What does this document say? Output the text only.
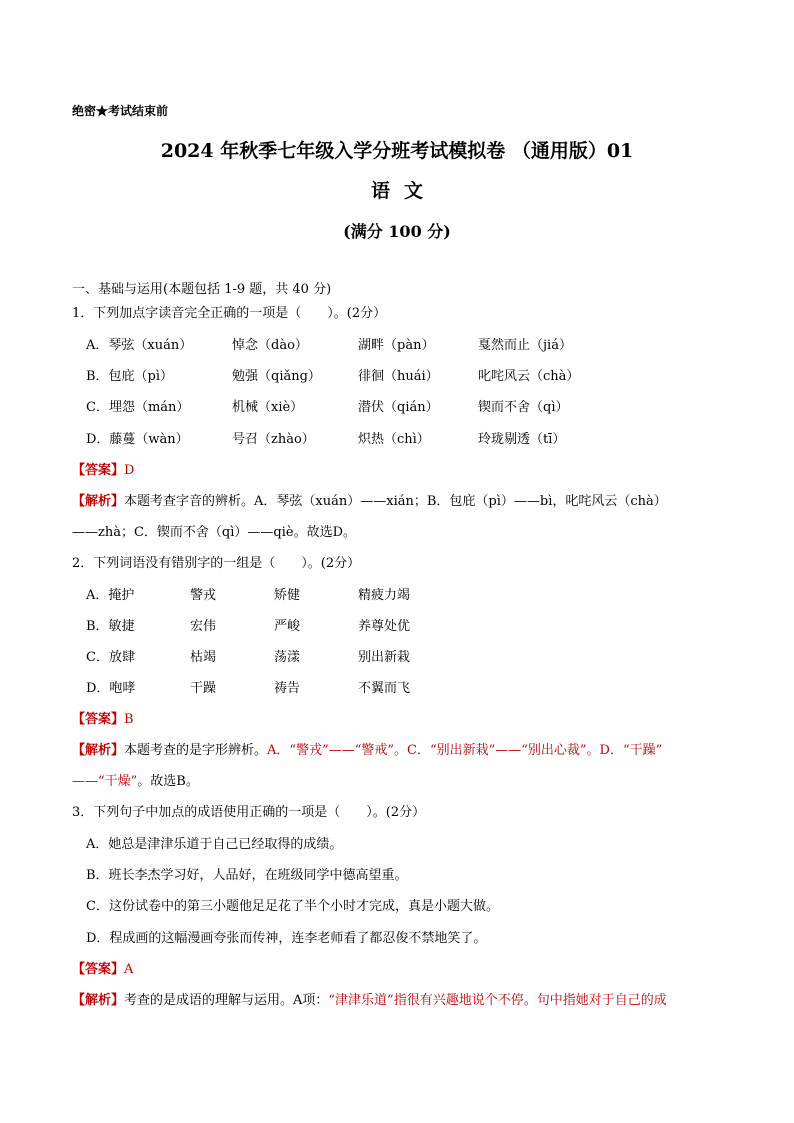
绝密★考试结束前
2024 年秋季七年级入学分班考试模拟卷 （通用版）01
语文
(满分 100 分)
一、基础与运用(本题包括 1-9 题，共 40 分)
1．下列加点字读音完全正确的一项是（　　）。(2分）
A．琴弦（xuán）	悼念（dào）	湖畔（pàn）	戛然而止（jiá）
B．包庇（pì）	勉强（qiǎng）	徘徊（huái）	叱咤风云（chà）
C．埋怨（mán）	机械（xiè）	潜伏（qián）	锲而不舍（qì）
D．藤蔓（wàn）	号召（zhào）	炽热（chì）	玲珑剔透（tī）
【答案】D
【解析】本题考查字音的辨析。A．琴弦（xuán）——xián；B．包庇（pì）——bì，叱咤风云（chà）
——zhà；C．锲而不舍（qì）——qiè。故选D。
2．下列词语没有错别字的一组是（　　）。(2分）
A．掩护	警戎	矫健	精疲力竭
B．敏捷	宏伟	严峻	养尊处优
C．放肆	枯竭	荡漾	别出新栽
D．咆哮	干躁	祷告	不翼而飞
【答案】B
【解析】本题考查的是字形辨析。A．“警戎”——“警戒”。C．“别出新栽”——“别出心裁”。D．“干躁”
——“干燥”。故选B。
3．下列句子中加点的成语使用正确的一项是（　　）。(2分）
A．她总是津津乐道于自己已经取得的成绩。
B．班长李杰学习好，人品好，在班级同学中德高望重。
C．这份试卷中的第三小题他足足花了半个小时才完成，真是小题大做。
D．程成画的这幅漫画夸张而传神，连李老师看了都忍俊不禁地笑了。
【答案】A
【解析】考查的是成语的理解与运用。A项：“津津乐道”指很有兴趣地说个不停。句中指她对于自己的成
